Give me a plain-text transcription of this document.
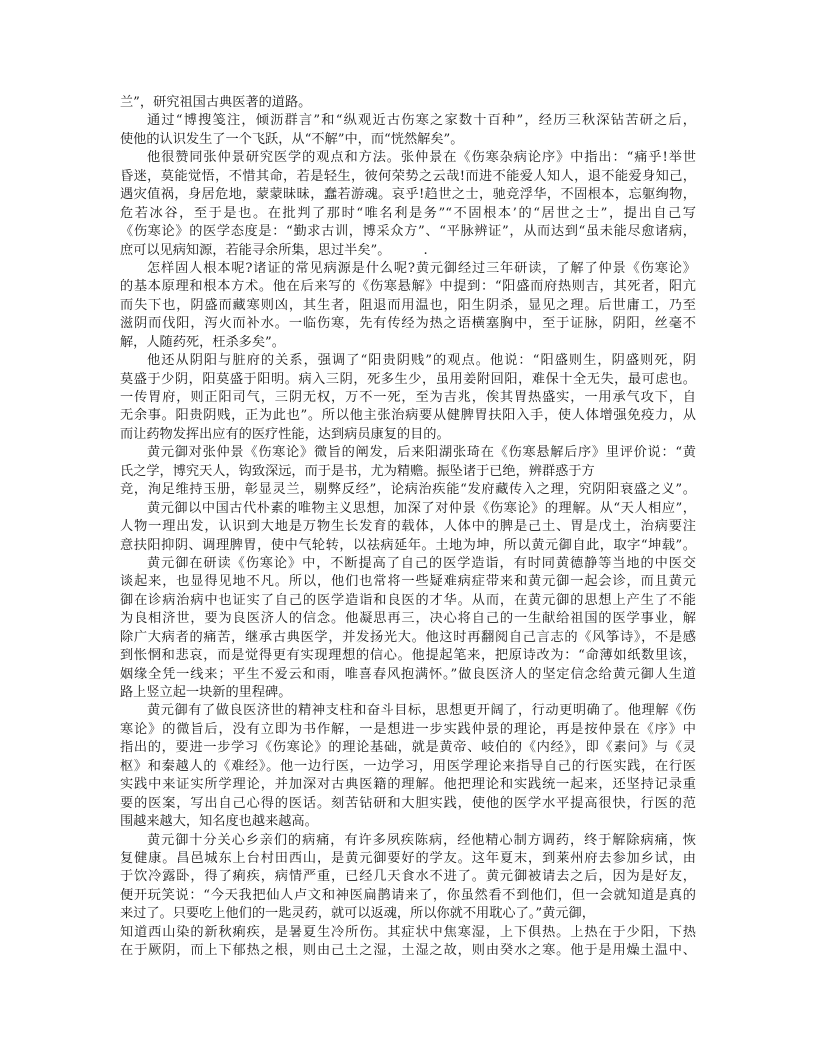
兰”，研究祖国古典医著的道路。
通过“博搜笺注，倾沥群言”和“纵观近古伤寒之家数十百种”，经历三秋深钻苦研之后，
使他的认识发生了一个飞跃，从“不解”中，而“恍然解矣”。
他很赞同张仲景研究医学的观点和方法。张仲景在《伤寒杂病论序》中指出：“痛乎!举世
昏迷，莫能觉悟，不惜其命，若是轻生，彼何荣势之云哉!而进不能爱人知人，退不能爱身知己，
遇灾值祸，身居危地，蒙蒙昧昧，蠢若游魂。哀乎!趋世之士，驰竞浮华，不固根本，忘躯绚物，
危若冰谷，至于是也。在批判了那时“唯名利是务”“不固根本’的“居世之士”，提出自己写
《伤寒论》的医学态度是：“勤求古训，博采众方”、“平脉辨证”，从而达到“虽未能尽愈诸病，
庶可以见病知源，若能寻余所集，思过半矣”。　　　.
怎样固人根本呢?诸证的常见病源是什么呢?黄元御经过三年研读，了解了仲景《伤寒论》
的基本原理和根本方术。他在后来写的《伤寒悬解》中提到：“阳盛而府热则吉，其死者，阳亢
而失下也，阴盛而藏寒则凶，其生者，阻退而用温也，阳生阴杀，显见之理。后世庸工，乃至
滋阴而伐阳，泻火而补水。一临伤寒，先有传经为热之语横塞胸中，至于证脉，阴阳，丝毫不
解，人随药死，枉杀多矣”。
他还从阴阳与脏府的关系，强调了“阳贵阴贱”的观点。他说：“阳盛则生，阴盛则死，阴
莫盛于少阴，阳莫盛于阳明。病入三阴，死多生少，虽用姜附回阳，难保十全无失，最可虑也。
一传胃府，则正阳司气，三阴无权，万不一死，至为吉兆，俟其胃热盛实，一用承气攻下，自
无余事。阳贵阴贱，正为此也”。所以他主张治病要从健脾胃扶阳入手，使人体增强免疫力，从
而让药物发挥出应有的医疗性能，达到病员康复的目的。
黄元御对张仲景《伤寒论》微旨的阐发，后来阳湖张琦在《伤寒悬解后序》里评价说：“黄
氏之学，博究天人，钩致深远，而于是书，尤为精赡。振坠诸于已绝，辨群惑于方
竞，洵足维持玉册，彰显灵兰，剔弊反经”，论病治疾能“发府藏传入之理，究阴阳衰盛之义”。
黄元御以中国古代朴素的唯物主义思想，加深了对仲景《伤寒论》的理解。从“天人相应”，
人物一理出发，认识到大地是万物生长发育的载体，人体中的脾是己土、胃是戊土，治病要注
意扶阳抑阴、调理脾胃，使中气轮转，以祛病延年。土地为坤，所以黄元御自此，取字“坤载”。
黄元御在研读《伤寒论》中，不断提高了自己的医学造诣，有时同黄德静等当地的中医交
谈起来，也显得见地不凡。所以，他们也常将一些疑难病症带来和黄元御一起会诊，而且黄元
御在诊病治病中也证实了自己的医学造诣和良医的才华。从而，在黄元御的思想上产生了不能
为良相济世，要为良医济人的信念。他凝思再三，决心将自己的一生献给祖国的医学事业，解
除广大病者的痛苦，继承古典医学，并发扬光大。他这时再翻阅自己言志的《风筝诗》，不是感
到怅惘和悲哀，而是觉得更有实现理想的信心。他提起笔来，把原诗改为：“命薄如纸数里该，
姻缘全凭一线来；平生不爱云和雨，唯喜春风抱满怀。”做良医济人的坚定信念给黄元御人生道
路上竖立起一块新的里程碑。
黄元御有了做良医济世的精神支柱和奋斗目标，思想更开阔了，行动更明确了。他理解《伤
寒论》的微旨后，没有立即为书作解，一是想进一步实践仲景的理论，再是按仲景在《序》中
指出的，要进一步学习《伤寒论》的理论基础，就是黄帝、岐伯的《内经》，即《素问》与《灵
枢》和秦越人的《难经》。他一边行医，一边学习，用医学理论来指导自己的行医实践，在行医
实践中来证实所学理论，并加深对古典医籍的理解。他把理论和实践统一起来，还坚持记录重
要的医案，写出自己心得的医话。刻苦钻研和大胆实践，使他的医学水平提高很快，行医的范
围越来越大，知名度也越来越高。
黄元御十分关心乡亲们的病痛，有许多夙疾陈病，经他精心制方调药，终于解除病痛，恢
复健康。昌邑城东上台村田西山，是黄元御要好的学友。这年夏末，到莱州府去参加乡试，由
于饮冷露卧，得了痢疾，病情严重，已经几天食水不进了。黄元御被请去之后，因为是好友，
便开玩笑说：“今天我把仙人卢文和神医扁鹊请来了，你虽然看不到他们，但一会就知道是真的
来过了。只要吃上他们的一匙灵药，就可以返魂，所以你就不用耽心了。”黄元御，
知道西山染的新秋痢疾，是暑夏生冷所伤。其症状中焦寒湿，上下俱热。上热在于少阳，下热
在于厥阴，而上下郁热之根，则由己土之湿，土湿之故，则由癸水之寒。他于是用燥土温中、
